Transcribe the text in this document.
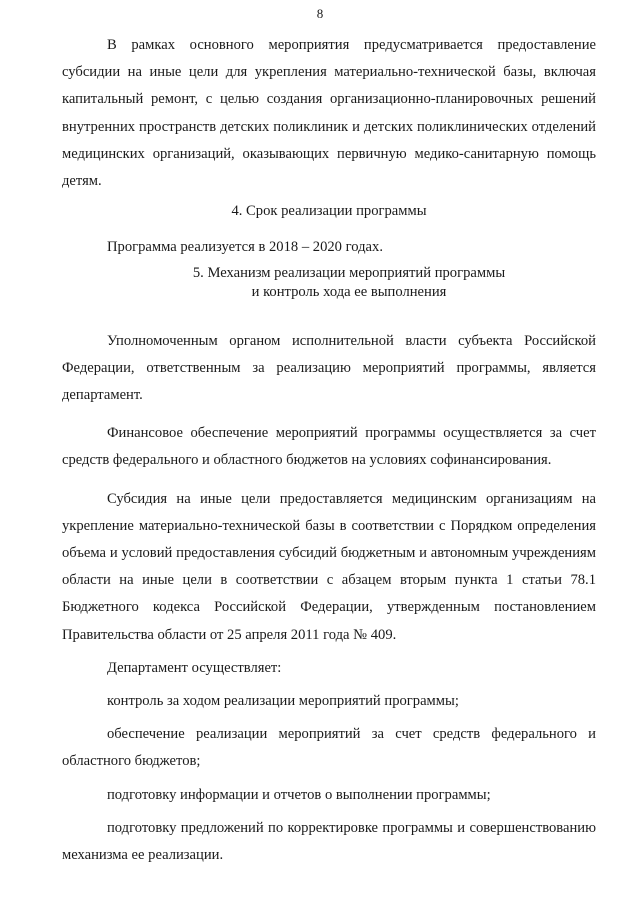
8

В рамках основного мероприятия предусматривается предоставление субсидии на иные цели для укрепления материально-технической базы, включая капитальный ремонт, с целью создания организационно-планировочных решений внутренних пространств детских поликлиник и детских поликлинических отделений медицинских организаций, оказывающих первичную медико-санитарную помощь детям.

4. Срок реализации программы

Программа реализуется в 2018 – 2020 годах.

5. Механизм реализации мероприятий программы
и контроль хода ее выполнения

Уполномоченным органом исполнительной власти субъекта Российской Федерации, ответственным за реализацию мероприятий программы, является департамент.

Финансовое обеспечение мероприятий программы осуществляется за счет средств федерального и областного бюджетов на условиях софинансирования.

Субсидия на иные цели предоставляется медицинским организациям на укрепление материально-технической базы в соответствии с Порядком определения объема и условий предоставления субсидий бюджетным и автономным учреждениям области на иные цели в соответствии с абзацем вторым пункта 1 статьи 78.1 Бюджетного кодекса Российской Федерации, утвержденным постановлением Правительства области от 25 апреля 2011 года № 409.

Департамент осуществляет:

контроль за ходом реализации мероприятий программы;

обеспечение реализации мероприятий за счет средств федерального и областного бюджетов;

подготовку информации и отчетов о выполнении программы;

подготовку предложений по корректировке программы и совершенствованию механизма ее реализации.
